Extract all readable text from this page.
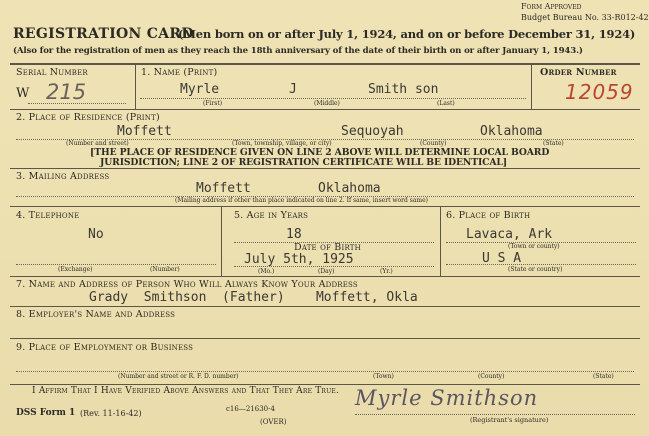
Form Approved
Budget Bureau No. 33-R012-42
REGISTRATION CARD
(Men born on or after July 1, 1924, and on or before December 31, 1924)
(Also for the registration of men as they reach the 18th anniversary of the date of their birth on or after January 1, 1943.)
Serial Number
W 215
1. Name (Print)
Myrle	J	Smith son
(First)	(Middle)	(Last)
Order Number
12059
2. Place of Residence (Print)
Moffett	Sequoyah	Oklahoma
(Number and street)	(Town, township, village, or city)	(County)	(State)
[THE PLACE OF RESIDENCE GIVEN ON LINE 2 ABOVE WILL DETERMINE LOCAL BOARD
JURISDICTION; LINE 2 OF REGISTRATION CERTIFICATE WILL BE IDENTICAL]
3. Mailing Address
Moffett	Oklahoma
(Mailing address if other than place indicated on line 2. If same, insert word same)
4. Telephone
No
(Exchange)	(Number)
5. Age in Years
18
Date of Birth
July 5th, 1925
(Mo.)	(Day)	(Yr.)
6. Place of Birth
Lavaca, Ark
(Town or county)
U S A
(State or country)
7. Name and Address of Person Who Will Always Know Your Address
Grady  Smithson  (Father)    Moffett, Okla
8. Employer's Name and Address
9. Place of Employment or Business
(Number and street or R. F. D. number)	(Town)	(County)	(State)
I Affirm That I Have Verified Above Answers and That They Are True.
DSS Form 1 (Rev. 11-16-42)	c16—21630-4
(OVER)
Myrle Smithson
(Registrant's signature)
